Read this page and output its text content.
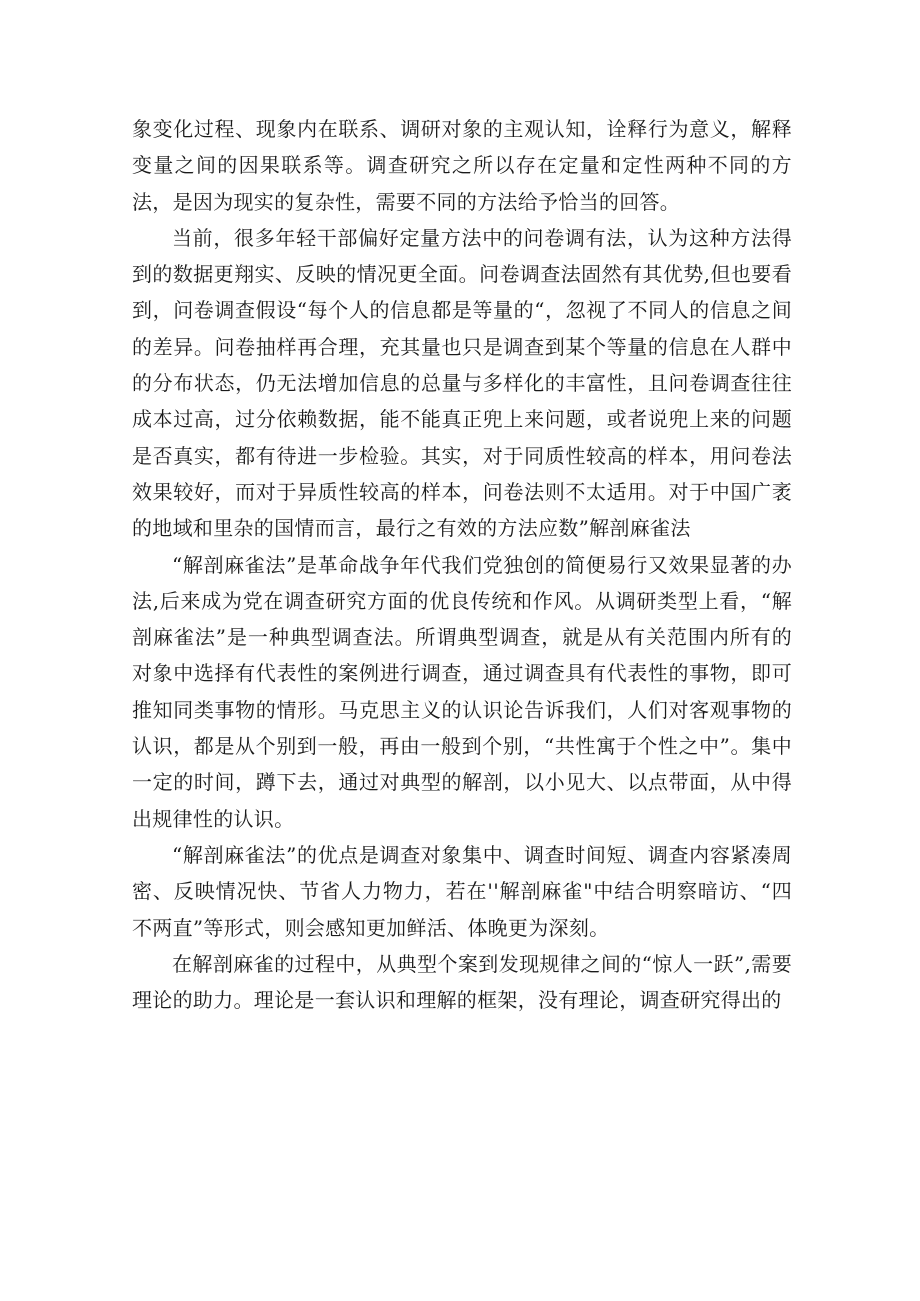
象变化过程、现象内在联系、调研对象的主观认知，诠释行为意义，解释变量之间的因果联系等。调查研究之所以存在定量和定性两种不同的方法，是因为现实的复杂性，需要不同的方法给予恰当的回答。

当前，很多年轻干部偏好定量方法中的问卷调有法，认为这种方法得到的数据更翔实、反映的情况更全面。问卷调查法固然有其优势,但也要看到，问卷调查假设“每个人的信息都是等量的“，忽视了不同人的信息之间的差异。问卷抽样再合理，充其量也只是调查到某个等量的信息在人群中的分布状态，仍无法增加信息的总量与多样化的丰富性，且问卷调查往往成本过高，过分依赖数据，能不能真正兜上来问题，或者说兜上来的问题是否真实，都有待进一步检验。其实，对于同质性较高的样本，用问卷法效果较好，而对于异质性较高的样本，问卷法则不太适用。对于中国广袤的地域和里杂的国情而言，最行之有效的方法应数”解剖麻雀法

“解剖麻雀法”是革命战争年代我们党独创的简便易行又效果显著的办法,后来成为党在调查研究方面的优良传统和作风。从调研类型上看，“解剖麻雀法”是一种典型调查法。所谓典型调查，就是从有关范围内所有的对象中选择有代表性的案例进行调查，通过调查具有代表性的事物，即可推知同类事物的情形。马克思主义的认识论告诉我们，人们对客观事物的认识，都是从个别到一般，再由一般到个别，“共性寓于个性之中”。集中一定的时间，蹲下去，通过对典型的解剖，以小见大、以点带面，从中得出规律性的认识。

“解剖麻雀法”的优点是调查对象集中、调查时间短、调查内容紧凑周密、反映情况快、节省人力物力，若在''解剖麻雀"中结合明察暗访、“四不两直”等形式，则会感知更加鲜活、体晚更为深刻。

在解剖麻雀的过程中，从典型个案到发现规律之间的“惊人一跃”,需要理论的助力。理论是一套认识和理解的框架，没有理论，调查研究得出的
